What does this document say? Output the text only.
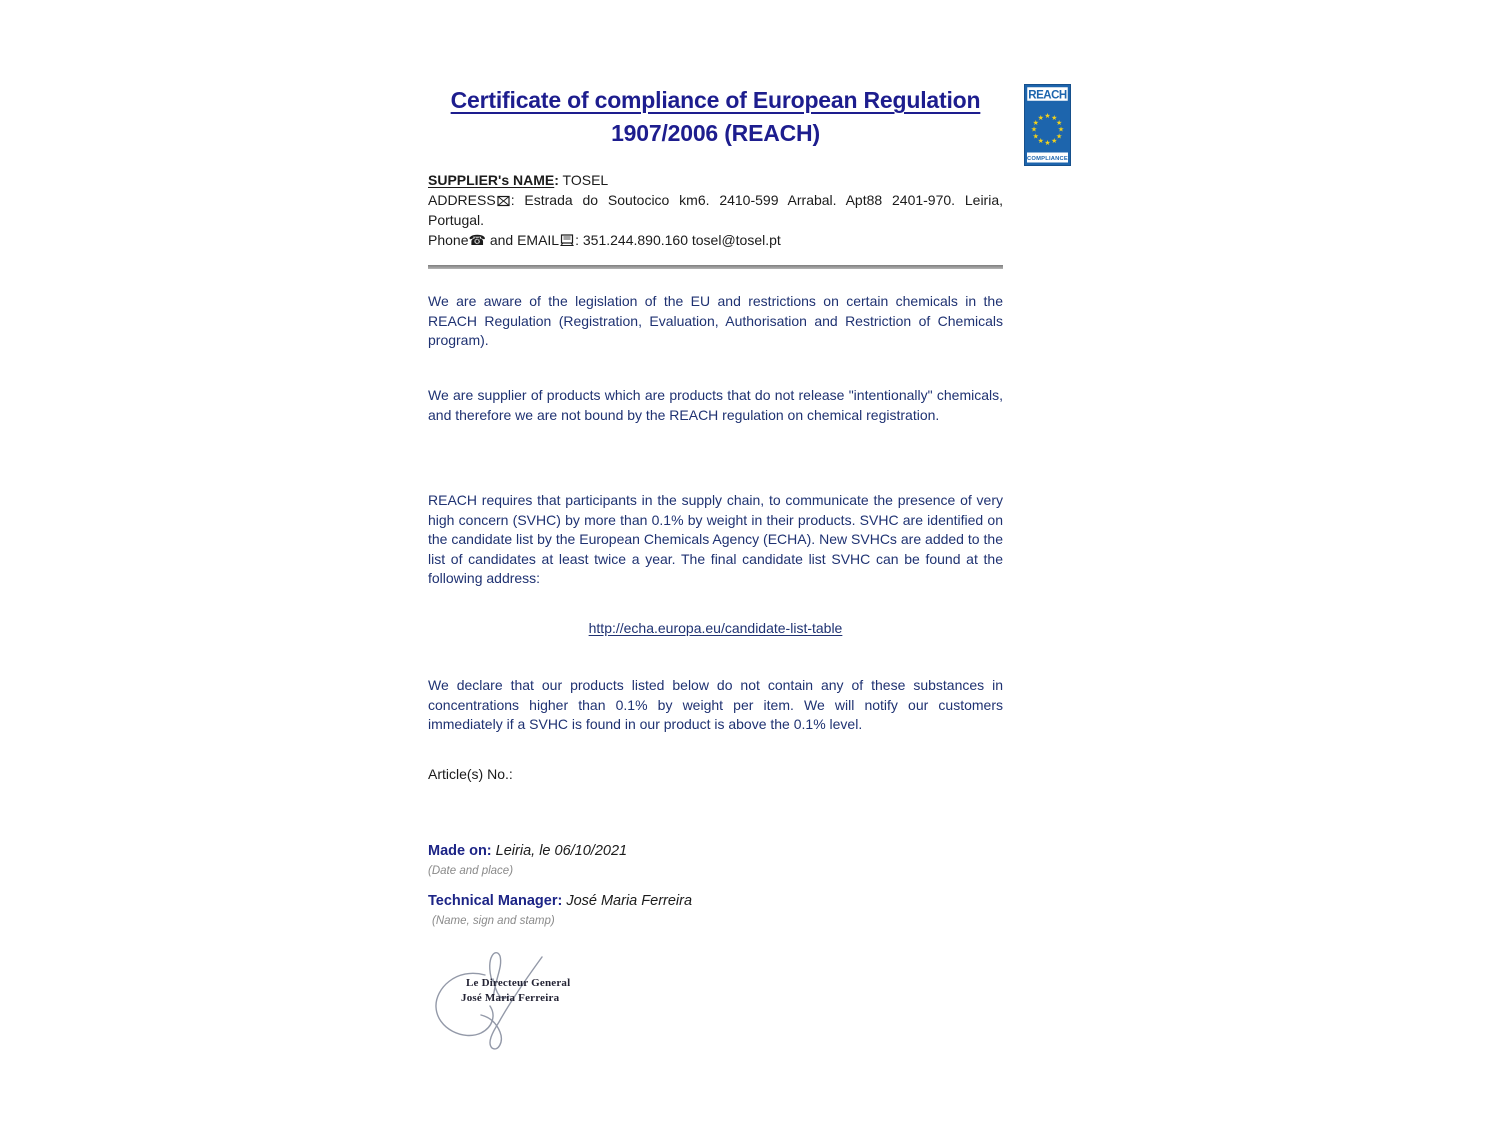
Certificate of compliance of European Regulation
1907/2006 (REACH)
REACH
★ ★
★
★
★
★
★
★
★
★
★
★
COMPLIANCE
SUPPLIER's NAME: TOSEL
ADDRESS : Estrada do Soutocico km6. 2410-599 Arrabal. Apt88 2401-970. Leiria, Portugal.
Phone☎ and EMAIL : 351.244.890.160 tosel@tosel.pt
We are aware of the legislation of the EU and restrictions on certain chemicals in the REACH Regulation (Registration, Evaluation, Authorisation and Restriction of Chemicals program).
We are supplier of products which are products that do not release "intentionally" chemicals, and therefore we are not bound by the REACH regulation on chemical registration.
REACH requires that participants in the supply chain, to communicate the presence of very high concern (SVHC) by more than 0.1% by weight in their products. SVHC are identified on the candidate list by the European Chemicals Agency (ECHA). New SVHCs are added to the list of candidates at least twice a year. The final candidate list SVHC can be found at the following address:
http://echa.europa.eu/candidate-list-table
We declare that our products listed below do not contain any of these substances in concentrations higher than 0.1% by weight per item. We will notify our customers immediately if a SVHC is found in our product is above the 0.1% level.
Article(s) No.:
Made on: Leiria, le 06/10/2021
(Date and place)
Technical Manager: José Maria Ferreira
(Name, sign and stamp)
Le Directeur General
José Maria Ferreira
